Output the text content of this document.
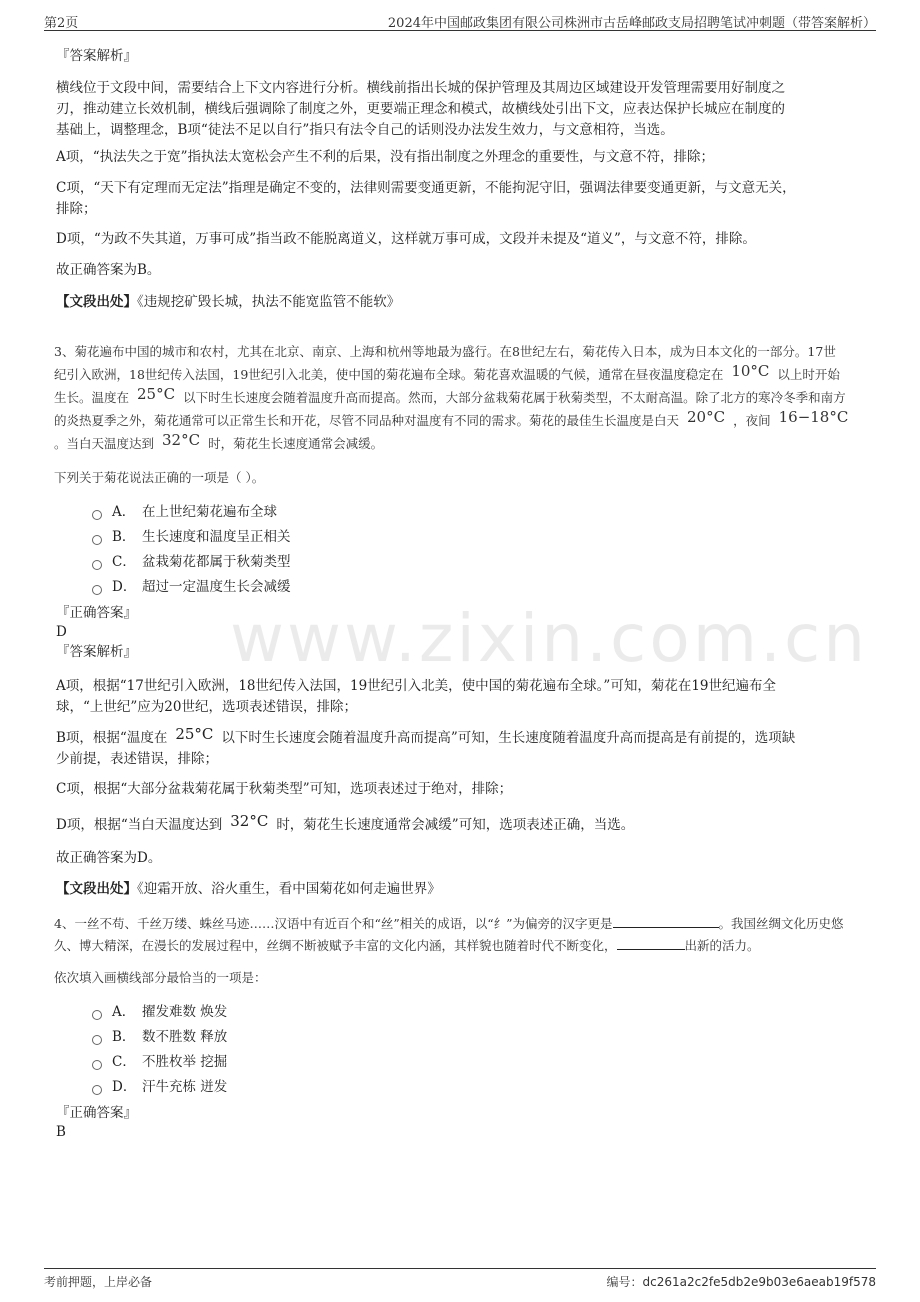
第2页	2024年中国邮政集团有限公司株洲市古岳峰邮政支局招聘笔试冲刺题（带答案解析）
www.zixin.com.cn
『答案解析』
横线位于文段中间，需要结合上下文内容进行分析。横线前指出长城的保护管理及其周边区域建设开发管理需要用好制度之
刃，推动建立长效机制，横线后强调除了制度之外，更要端正理念和模式，故横线处引出下文，应表达保护长城应在制度的
基础上，调整理念，B项“徒法不足以自行”指只有法令自己的话则没办法发生效力，与文意相符，当选。
A项，“执法失之于宽”指执法太宽松会产生不利的后果，没有指出制度之外理念的重要性，与文意不符，排除；
C项，“天下有定理而无定法”指理是确定不变的，法律则需要变通更新，不能拘泥守旧，强调法律要变通更新，与文意无关，
排除；
D项，“为政不失其道，万事可成”指当政不能脱离道义，这样就万事可成，文段并未提及“道义”，与文意不符，排除。
故正确答案为B。
【文段出处】《违规挖矿毁长城，执法不能宽监管不能软》
3、菊花遍布中国的城市和农村，尤其在北京、南京、上海和杭州等地最为盛行。在8世纪左右，菊花传入日本，成为日本文化的一部分。17世
纪引入欧洲，18世纪传入法国，19世纪引入北美，使中国的菊花遍布全球。菊花喜欢温暖的气候，通常在昼夜温度稳定在 10°C 以上时开始
生长。温度在 25°C 以下时生长速度会随着温度升高而提高。然而，大部分盆栽菊花属于秋菊类型，不太耐高温。除了北方的寒冷冬季和南方
的炎热夏季之外，菊花通常可以正常生长和开花，尽管不同品种对温度有不同的需求。菊花的最佳生长温度是白天 20°C ，夜间 16−18°C
。当白天温度达到 32°C 时，菊花生长速度通常会减缓。
下列关于菊花说法正确的一项是（ ）。
A． 在上世纪菊花遍布全球
B． 生长速度和温度呈正相关
C． 盆栽菊花都属于秋菊类型
D． 超过一定温度生长会减缓
『正确答案』
D
『答案解析』
A项，根据“17世纪引入欧洲，18世纪传入法国，19世纪引入北美，使中国的菊花遍布全球。”可知，菊花在19世纪遍布全
球，“上世纪”应为20世纪，选项表述错误，排除；
B项，根据“温度在 25°C 以下时生长速度会随着温度升高而提高”可知，生长速度随着温度升高而提高是有前提的，选项缺
少前提，表述错误，排除；
C项，根据“大部分盆栽菊花属于秋菊类型”可知，选项表述过于绝对，排除；
D项，根据“当白天温度达到 32°C 时，菊花生长速度通常会减缓”可知，选项表述正确，当选。
故正确答案为D。
【文段出处】《迎霜开放、浴火重生，看中国菊花如何走遍世界》
4、一丝不苟、千丝万缕、蛛丝马迹……汉语中有近百个和“丝”相关的成语，以“纟”为偏旁的汉字更是	。我国丝绸文化历史悠
久、博大精深，在漫长的发展过程中，丝绸不断被赋予丰富的文化内涵，其样貌也随着时代不断变化，	出新的活力。
依次填入画横线部分最恰当的一项是：
A． 擢发难数 焕发
B． 数不胜数 释放
C． 不胜枚举 挖掘
D． 汗牛充栋 迸发
『正确答案』
B
考前押题，上岸必备	编号：dc261a2c2fe5db2e9b03e6aeab19f578
